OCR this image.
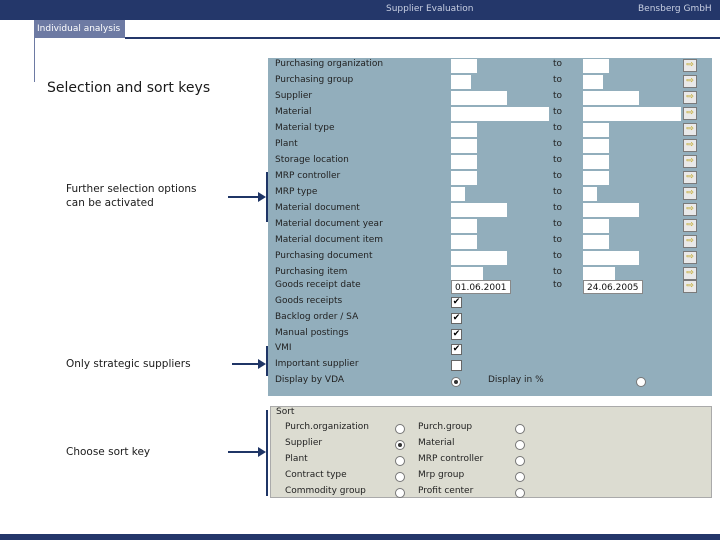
Supplier Evaluation	Bensberg GmbH
Individual analysis
Selection and sort keys
Further selection options
can be activated
Only strategic suppliers
Choose sort key
Purchasing organization	to	⇨
Purchasing group	to	⇨
Supplier	to	⇨
Material	to	⇨
Material type	to	⇨
Plant	to	⇨
Storage location	to	⇨
MRP controller	to	⇨
MRP type	to	⇨
Material document	to	⇨
Material document year	to	⇨
Material document item	to	⇨
Purchasing document	to	⇨
Purchasing item	to	⇨
Goods receipt date	01.06.2001	to	24.06.2005	⇨
Goods receipts	✔
Backlog order / SA	✔
Manual postings	✔
VMI	✔
Important supplier
Display by VDA	Display in %
Sort
Purch.organization	Purch.group
Supplier	Material
Plant	MRP controller
Contract type	Mrp group
Commodity group	Profit center
